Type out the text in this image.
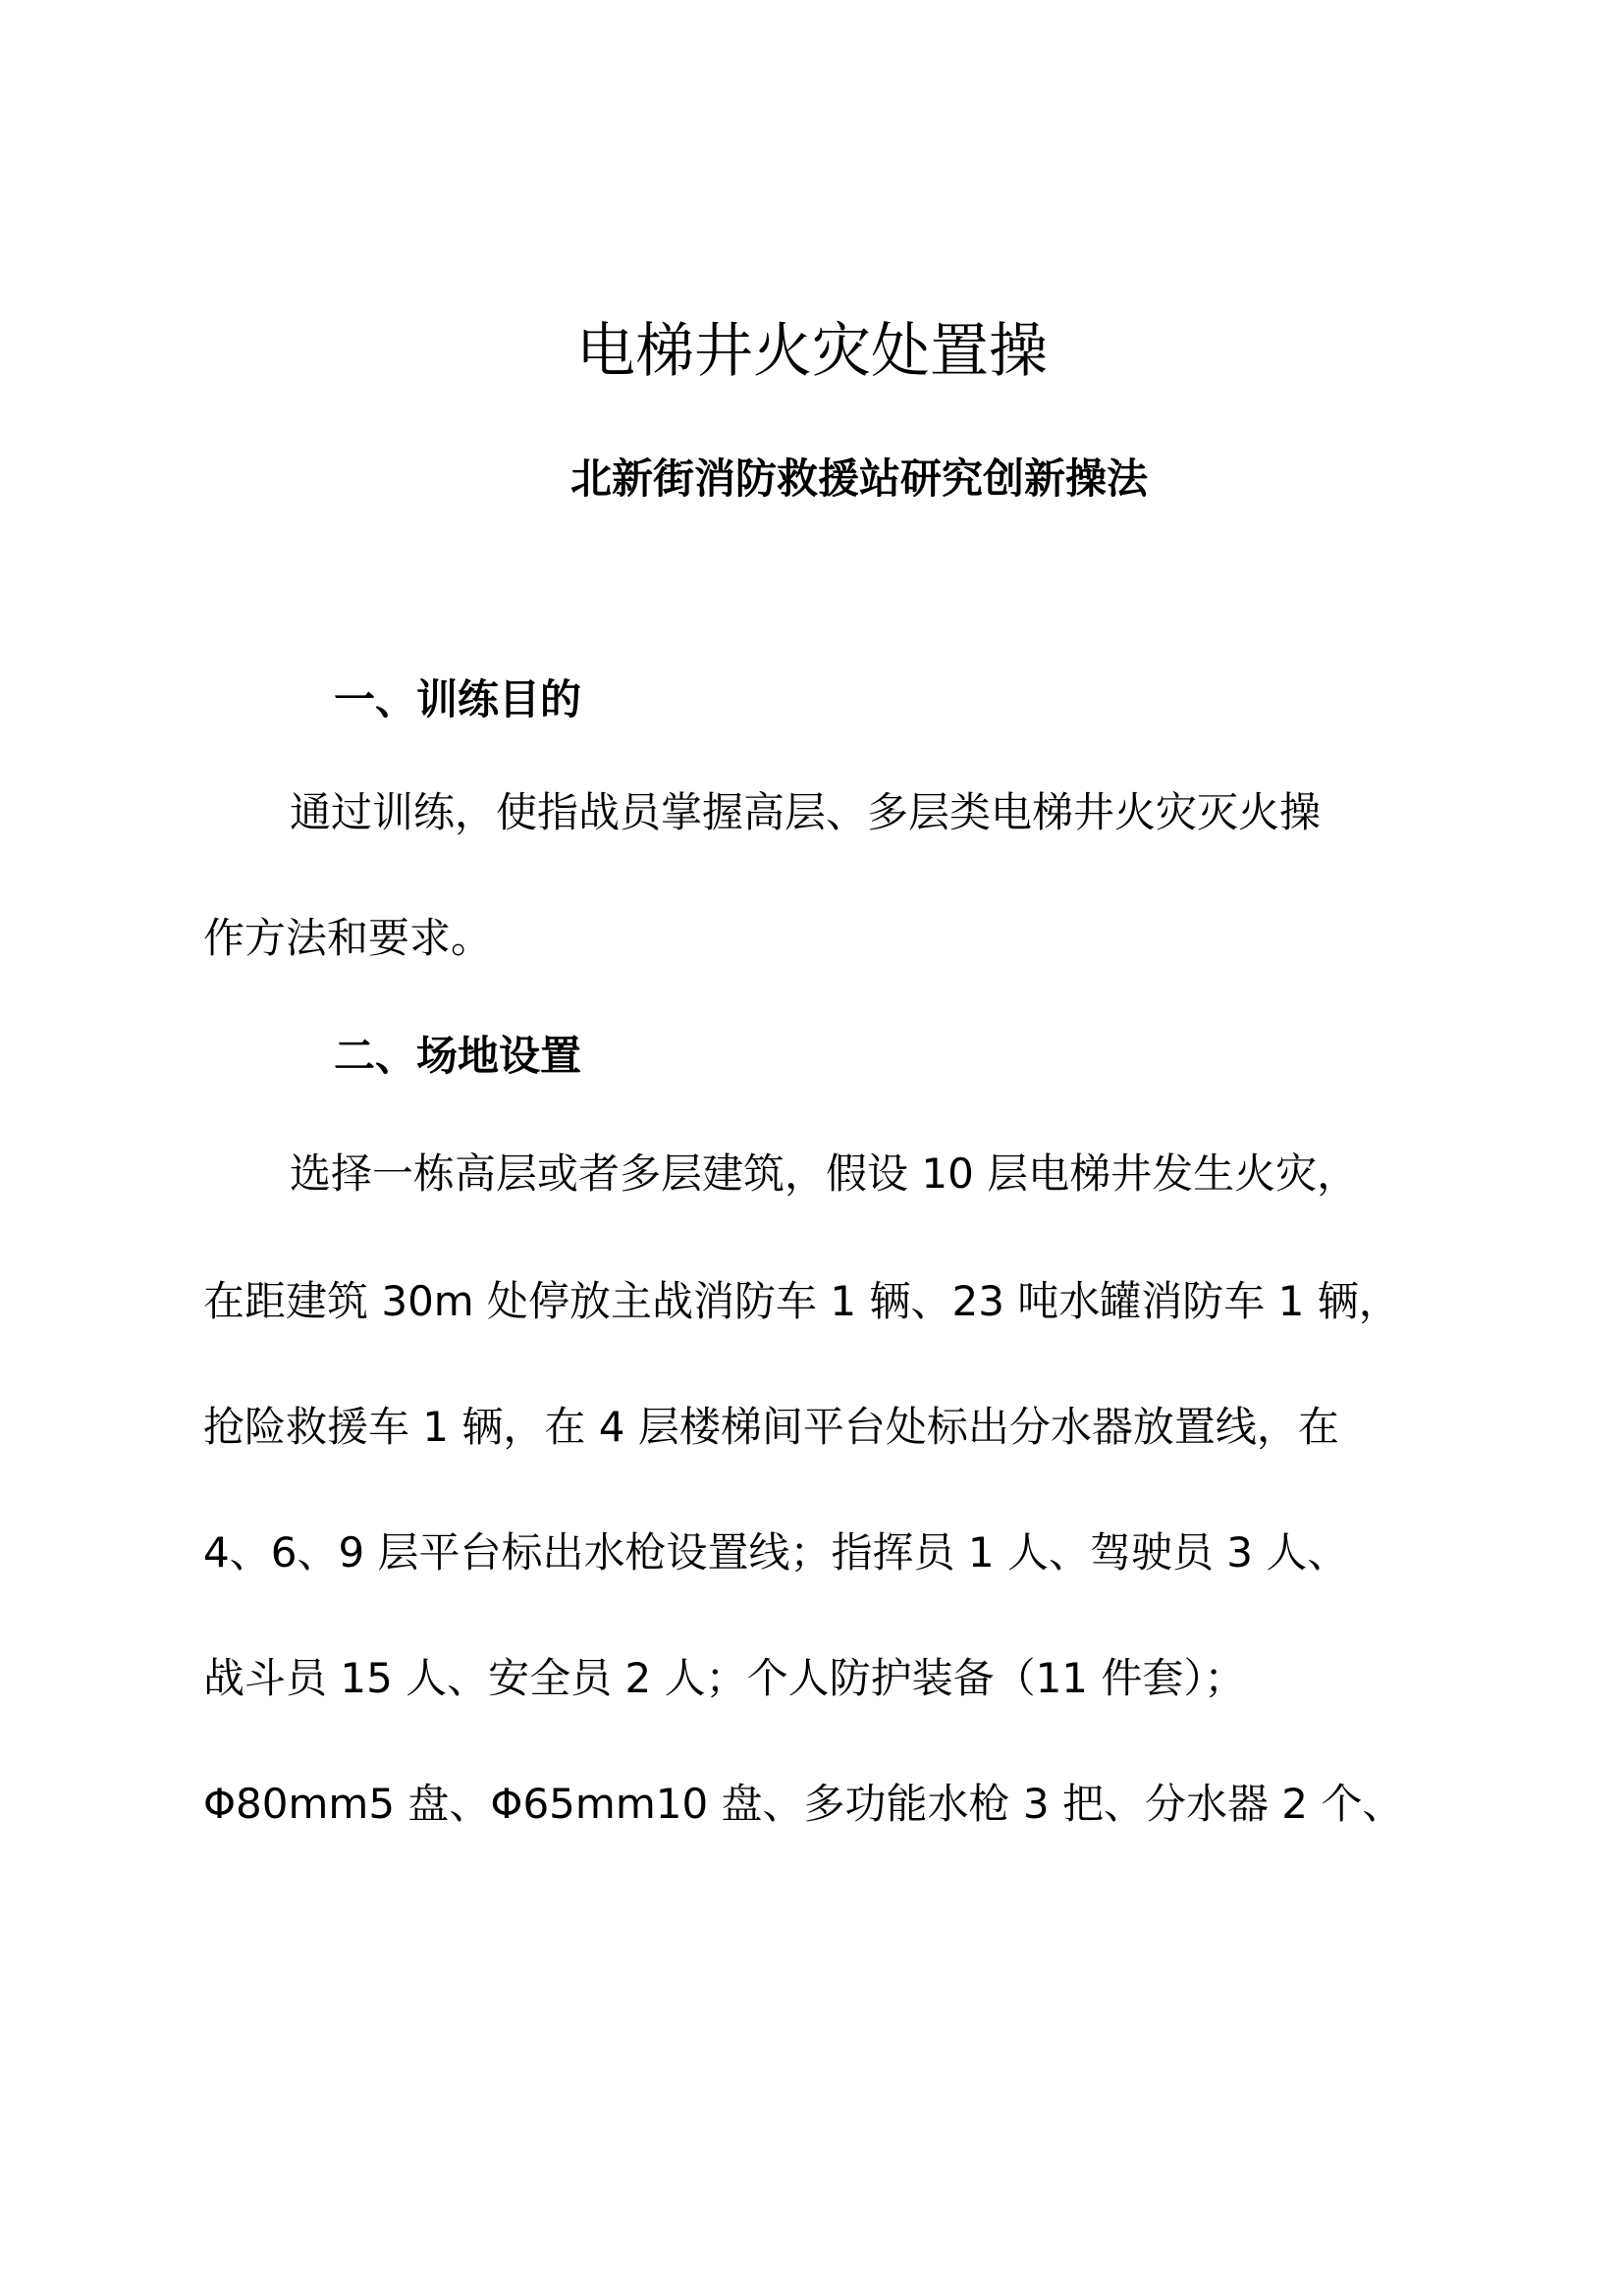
电梯井火灾处置操
北新街消防救援站研究创新操法
一、训练目的

通过训练，使指战员掌握高层、多层类电梯井火灾灭火操

作方法和要求。

二、场地设置

选择一栋高层或者多层建筑，假设 10 层电梯井发生火灾，

在距建筑 30m 处停放主战消防车 1 辆、23 吨水罐消防车 1 辆，

抢险救援车 1 辆，在 4 层楼梯间平台处标出分水器放置线，在

4、6、9 层平台标出水枪设置线；指挥员 1 人、驾驶员 3 人、

战斗员 15 人、安全员 2 人；个人防护装备（11 件套）；

Φ80mm5 盘、Φ65mm10 盘、多功能水枪 3 把、分水器 2 个、
